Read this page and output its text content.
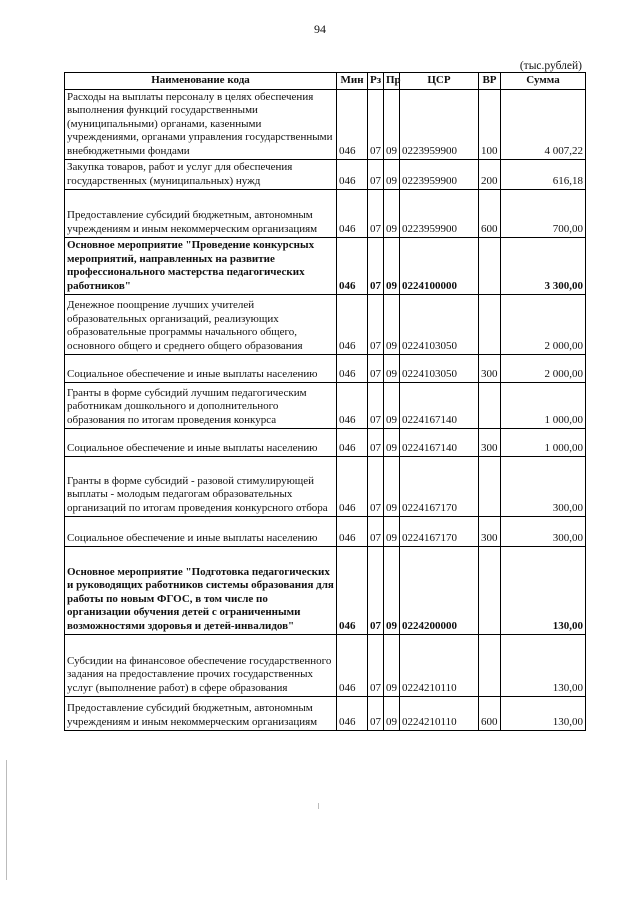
94
(тыс.рублей)
Наименование кода	Мин	Рз	Пр	ЦСР	ВР	Сумма

Расходы на выплаты персоналу в целях обеспечения выполнения функций государственными (муниципальными) органами, казенными учреждениями, органами управления государственными внебюджетными фондами	046	07	09	0223959900	100	4 007,22

Закупка товаров, работ и услуг для обеспечения государственных (муниципальных) нужд	046	07	09	0223959900	200	616,18

Предоставление субсидий бюджетным, автономным учреждениям и иным некоммерческим организациям	046	07	09	0223959900	600	700,00

Основное мероприятие "Проведение конкурсных мероприятий, направленных на развитие профессионального мастерства педагогических работников"	046	07	09	0224100000		3 300,00

Денежное поощрение лучших учителей образовательных организаций, реализующих образовательные программы начального общего, основного общего и среднего общего образования	046	07	09	0224103050		2 000,00

Социальное обеспечение и иные выплаты населению	046	07	09	0224103050	300	2 000,00

Гранты в форме субсидий лучшим педагогическим работникам дошкольного и дополнительного образования по итогам проведения конкурса	046	07	09	0224167140		1 000,00

Социальное обеспечение и иные выплаты населению	046	07	09	0224167140	300	1 000,00

Гранты в форме субсидий - разовой стимулирующей выплаты - молодым педагогам образовательных организаций по итогам проведения конкурсного отбора	046	07	09	0224167170		300,00

Социальное обеспечение и иные выплаты населению	046	07	09	0224167170	300	300,00

Основное мероприятие "Подготовка педагогических и руководящих работников системы образования для работы по новым ФГОС, в том числе по организации обучения детей с ограниченными возможностями здоровья и детей-инвалидов"	046	07	09	0224200000		130,00

Субсидии на финансовое обеспечение государственного задания на предоставление прочих государственных услуг (выполнение работ) в сфере образования	046	07	09	0224210110		130,00

Предоставление субсидий бюджетным, автономным учреждениям и иным некоммерческим организациям	046	07	09	0224210110	600	130,00
